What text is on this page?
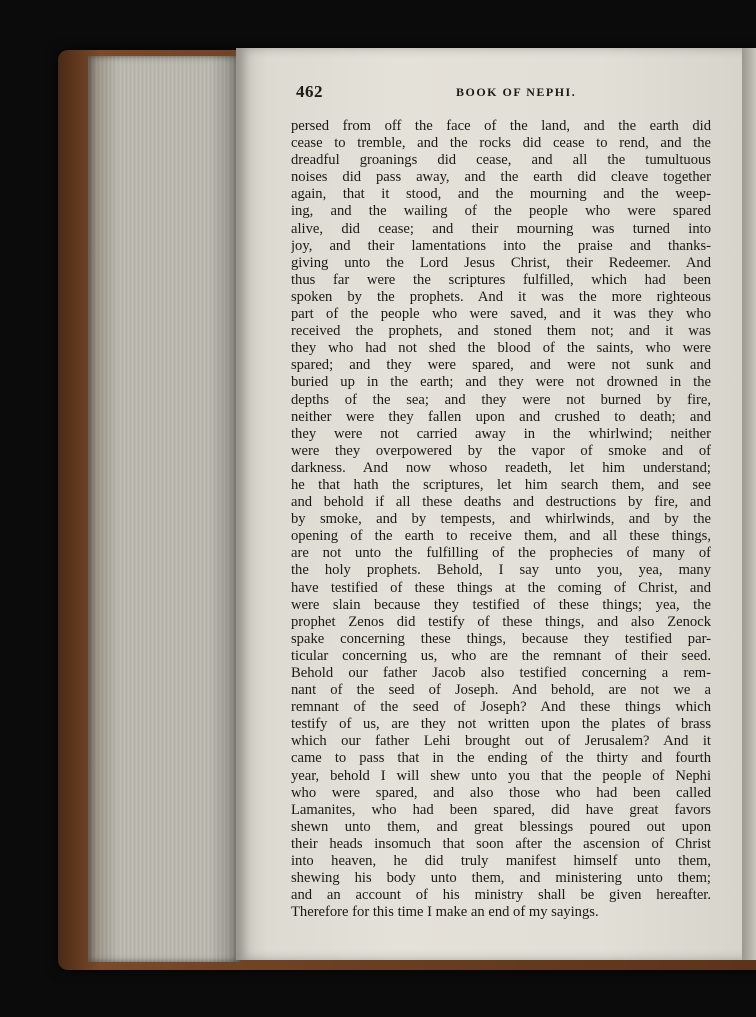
462	BOOK OF NEPHI.
persed from off the face of the land, and the earth did
cease to tremble, and the rocks did cease to rend, and the
dreadful groanings did cease, and all the tumultuous
noises did pass away, and the earth did cleave together
again, that it stood, and the mourning and the weep-
ing, and the wailing of the people who were spared
alive, did cease; and their mourning was turned into
joy, and their lamentations into the praise and thanks-
giving unto the Lord Jesus Christ, their Redeemer. And
thus far were the scriptures fulfilled, which had been
spoken by the prophets. And it was the more righteous
part of the people who were saved, and it was they who
received the prophets, and stoned them not; and it was
they who had not shed the blood of the saints, who were
spared; and they were spared, and were not sunk and
buried up in the earth; and they were not drowned in the
depths of the sea; and they were not burned by fire,
neither were they fallen upon and crushed to death; and
they were not carried away in the whirlwind; neither
were they overpowered by the vapor of smoke and of
darkness. And now whoso readeth, let him understand;
he that hath the scriptures, let him search them, and see
and behold if all these deaths and destructions by fire, and
by smoke, and by tempests, and whirlwinds, and by the
opening of the earth to receive them, and all these things,
are not unto the fulfilling of the prophecies of many of
the holy prophets. Behold, I say unto you, yea, many
have testified of these things at the coming of Christ, and
were slain because they testified of these things; yea, the
prophet Zenos did testify of these things, and also Zenock
spake concerning these things, because they testified par-
ticular concerning us, who are the remnant of their seed.
Behold our father Jacob also testified concerning a rem-
nant of the seed of Joseph. And behold, are not we a
remnant of the seed of Joseph? And these things which
testify of us, are they not written upon the plates of brass
which our father Lehi brought out of Jerusalem? And it
came to pass that in the ending of the thirty and fourth
year, behold I will shew unto you that the people of Nephi
who were spared, and also those who had been called
Lamanites, who had been spared, did have great favors
shewn unto them, and great blessings poured out upon
their heads insomuch that soon after the ascension of Christ
into heaven, he did truly manifest himself unto them,
shewing his body unto them, and ministering unto them;
and an account of his ministry shall be given hereafter.
Therefore for this time I make an end of my sayings.
